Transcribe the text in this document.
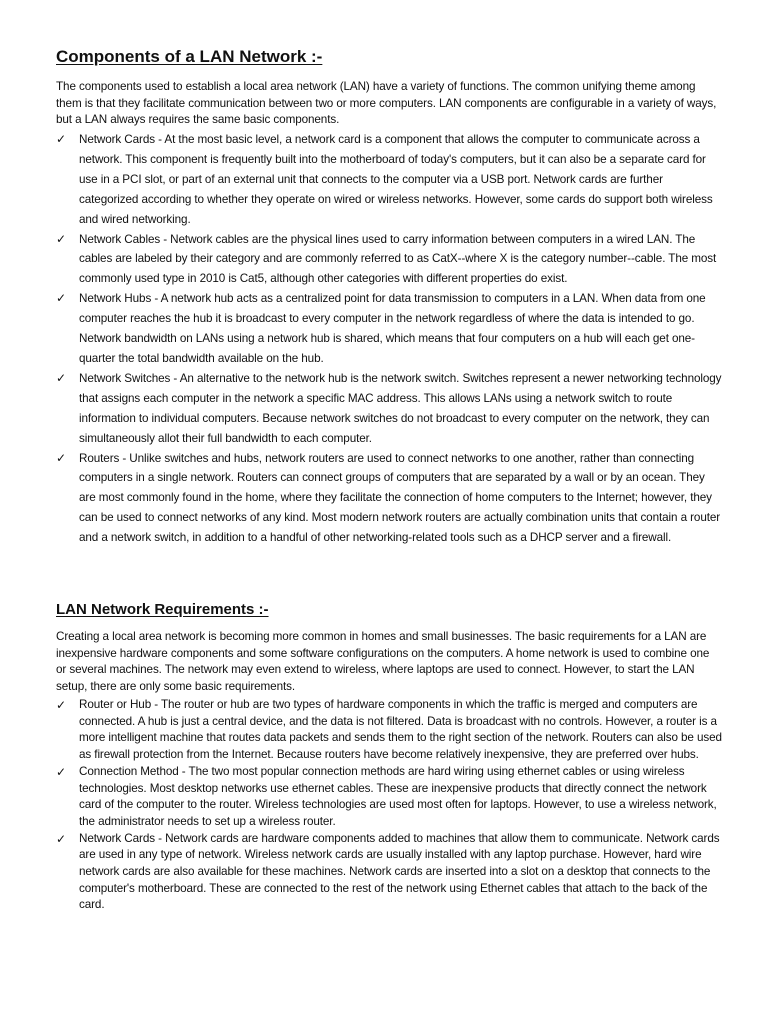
Components of a LAN Network :-

The components used to establish a local area network (LAN) have a variety of functions. The common unifying theme among them is that they facilitate communication between two or more computers. LAN components are configurable in a variety of ways, but a LAN always requires the same basic components.

✓ Network Cards - At the most basic level, a network card is a component that allows the computer to communicate across a network. This component is frequently built into the motherboard of today's computers, but it can also be a separate card for use in a PCI slot, or part of an external unit that connects to the computer via a USB port. Network cards are further categorized according to whether they operate on wired or wireless networks. However, some cards do support both wireless and wired networking.
✓ Network Cables - Network cables are the physical lines used to carry information between computers in a wired LAN. The cables are labeled by their category and are commonly referred to as CatX--where X is the category number--cable. The most commonly used type in 2010 is Cat5, although other categories with different properties do exist.
✓ Network Hubs - A network hub acts as a centralized point for data transmission to computers in a LAN. When data from one computer reaches the hub it is broadcast to every computer in the network regardless of where the data is intended to go. Network bandwidth on LANs using a network hub is shared, which means that four computers on a hub will each get one-quarter the total bandwidth available on the hub.
✓ Network Switches - An alternative to the network hub is the network switch. Switches represent a newer networking technology that assigns each computer in the network a specific MAC address. This allows LANs using a network switch to route information to individual computers. Because network switches do not broadcast to every computer on the network, they can simultaneously allot their full bandwidth to each computer.
✓ Routers - Unlike switches and hubs, network routers are used to connect networks to one another, rather than connecting computers in a single network. Routers can connect groups of computers that are separated by a wall or by an ocean. They are most commonly found in the home, where they facilitate the connection of home computers to the Internet; however, they can be used to connect networks of any kind. Most modern network routers are actually combination units that contain a router and a network switch, in addition to a handful of other networking-related tools such as a DHCP server and a firewall.
LAN Network Requirements :-

Creating a local area network is becoming more common in homes and small businesses. The basic requirements for a LAN are inexpensive hardware components and some software configurations on the computers. A home network is used to combine one or several machines. The network may even extend to wireless, where laptops are used to connect. However, to start the LAN setup, there are only some basic requirements.

✓ Router or Hub - The router or hub are two types of hardware components in which the traffic is merged and computers are connected. A hub is just a central device, and the data is not filtered. Data is broadcast with no controls. However, a router is a more intelligent machine that routes data packets and sends them to the right section of the network. Routers can also be used as firewall protection from the Internet. Because routers have become relatively inexpensive, they are preferred over hubs.
✓ Connection Method - The two most popular connection methods are hard wiring using ethernet cables or using wireless technologies. Most desktop networks use ethernet cables. These are inexpensive products that directly connect the network card of the computer to the router. Wireless technologies are used most often for laptops. However, to use a wireless network, the administrator needs to set up a wireless router.
✓ Network Cards - Network cards are hardware components added to machines that allow them to communicate. Network cards are used in any type of network. Wireless network cards are usually installed with any laptop purchase. However, hard wire network cards are also available for these machines. Network cards are inserted into a slot on a desktop that connects to the computer's motherboard. These are connected to the rest of the network using Ethernet cables that attach to the back of the card.
